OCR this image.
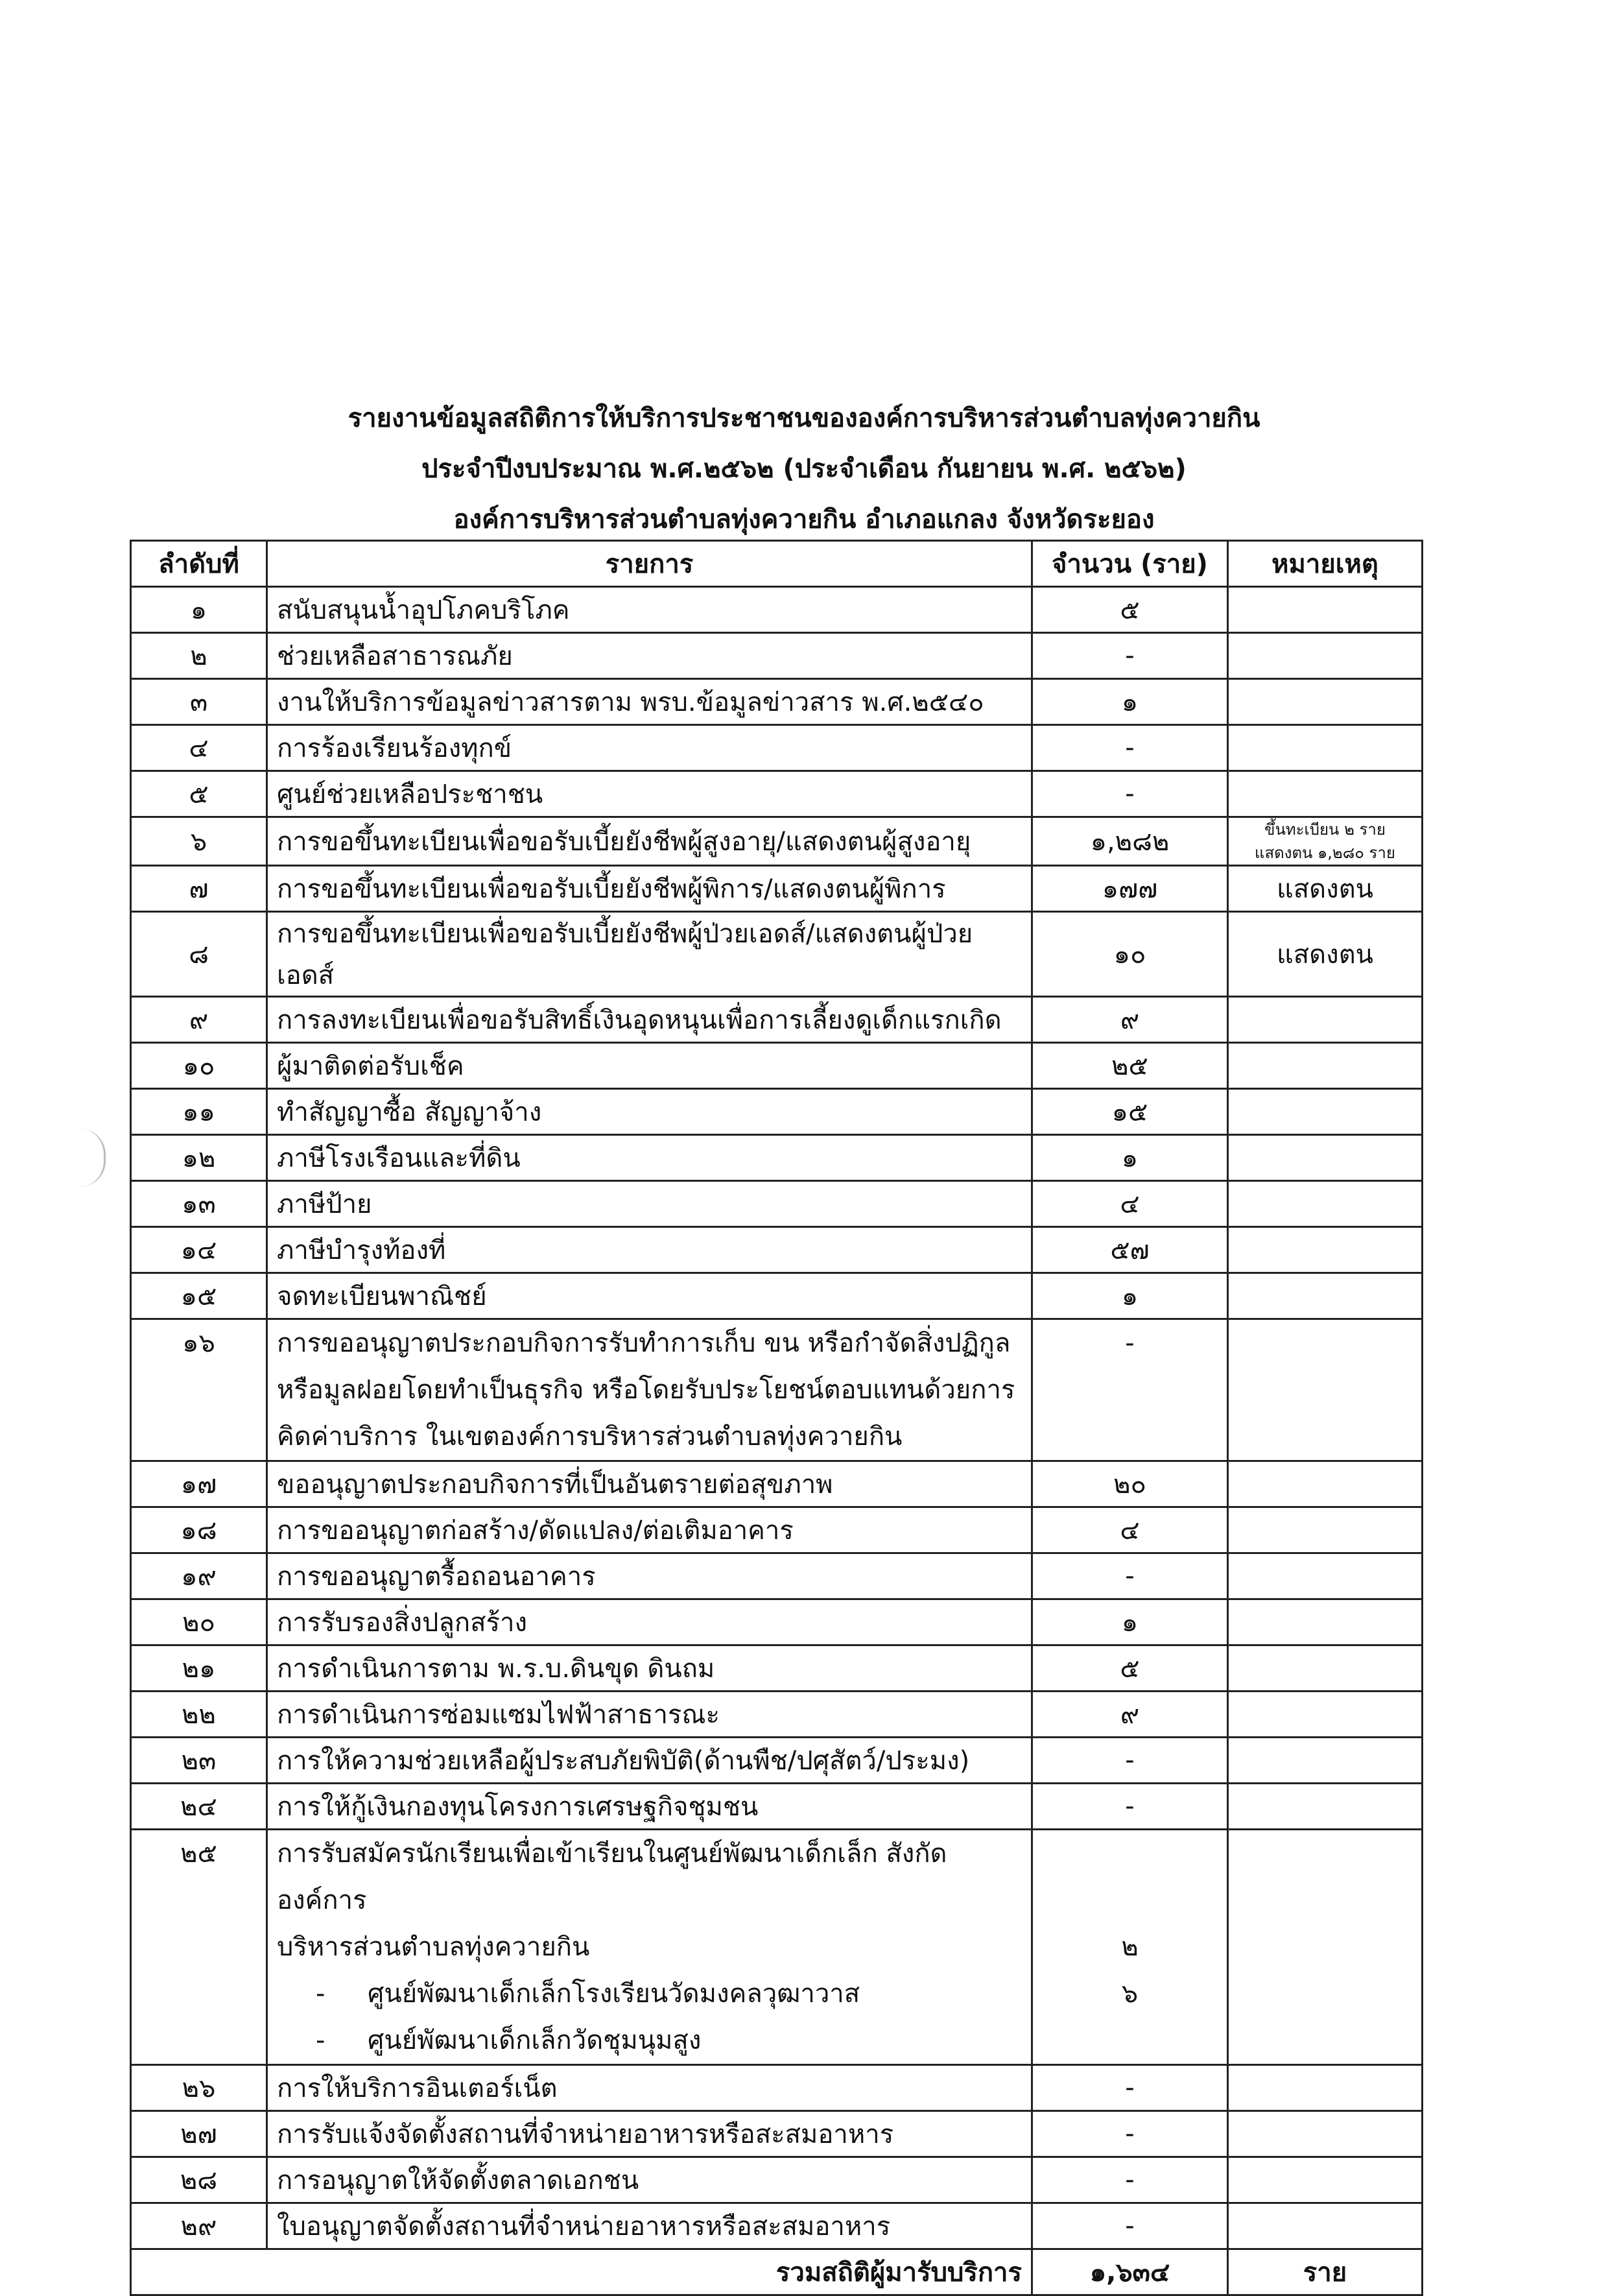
รายงานข้อมูลสถิติการให้บริการประชาชนขององค์การบริหารส่วนตำบลทุ่งควายกิน
ประจำปีงบประมาณ พ.ศ.๒๕๖๒ (ประจำเดือน กันยายน พ.ศ. ๒๕๖๒)
องค์การบริหารส่วนตำบลทุ่งควายกิน อำเภอแกลง จังหวัดระยอง
ลำดับที่	รายการ	จำนวน (ราย)	หมายเหตุ
๑	สนับสนุนน้ำอุปโภคบริโภค	๕	
๒	ช่วยเหลือสาธารณภัย	-	
๓	งานให้บริการข้อมูลข่าวสารตาม พรบ.ข้อมูลข่าวสาร พ.ศ.๒๕๔๐	๑	
๔	การร้องเรียนร้องทุกข์	-	
๕	ศูนย์ช่วยเหลือประชาชน	-	
๖	การขอขึ้นทะเบียนเพื่อขอรับเบี้ยยังชีพผู้สูงอายุ/แสดงตนผู้สูงอายุ	๑,๒๘๒	ขึ้นทะเบียน ๒ ราย
แสดงตน ๑,๒๘๐ ราย

๗	การขอขึ้นทะเบียนเพื่อขอรับเบี้ยยังชีพผู้พิการ/แสดงตนผู้พิการ	๑๗๗	แสดงตน
๘	การขอขึ้นทะเบียนเพื่อขอรับเบี้ยยังชีพผู้ป่วยเอดส์/แสดงตนผู้ป่วยเอดส์	๑๐	แสดงตน
๙	การลงทะเบียนเพื่อขอรับสิทธิ์เงินอุดหนุนเพื่อการเลี้ยงดูเด็กแรกเกิด	๙	
๑๐	ผู้มาติดต่อรับเช็ค	๒๕	
๑๑	ทำสัญญาซื้อ สัญญาจ้าง	๑๕	
๑๒	ภาษีโรงเรือนและที่ดิน	๑	
๑๓	ภาษีป้าย	๔	
๑๔	ภาษีบำรุงท้องที่	๕๗	
๑๕	จดทะเบียนพาณิชย์	๑	

๑๖	การขออนุญาตประกอบกิจการรับทำการเก็บ ขน หรือกำจัดสิ่งปฏิกูล
หรือมูลฝอยโดยทำเป็นธุรกิจ หรือโดยรับประโยชน์ตอบแทนด้วยการ
คิดค่าบริการ ในเขตองค์การบริหารส่วนตำบลทุ่งควายกิน	-	

๑๗	ขออนุญาตประกอบกิจการที่เป็นอันตรายต่อสุขภาพ	๒๐	
๑๘	การขออนุญาตก่อสร้าง/ดัดแปลง/ต่อเติมอาคาร	๔	
๑๙	การขออนุญาตรื้อถอนอาคาร	-	
๒๐	การรับรองสิ่งปลูกสร้าง	๑	
๒๑	การดำเนินการตาม พ.ร.บ.ดินขุด ดินถม	๕	
๒๒	การดำเนินการซ่อมแซมไฟฟ้าสาธารณะ	๙	
๒๓	การให้ความช่วยเหลือผู้ประสบภัยพิบัติ(ด้านพืช/ปศุสัตว์/ประมง)	-	
๒๔	การให้กู้เงินกองทุนโครงการเศรษฐกิจชุมชน	-	

๒๕	การรับสมัครนักเรียนเพื่อเข้าเรียนในศูนย์พัฒนาเด็กเล็ก สังกัด องค์การ
บริหารส่วนตำบลทุ่งควายกิน
- ศูนย์พัฒนาเด็กเล็กโรงเรียนวัดมงคลวุฒาวาส
- ศูนย์พัฒนาเด็กเล็กวัดชุมนุมสูง	๒
๖	

๒๖	การให้บริการอินเตอร์เน็ต	-	
๒๗	การรับแจ้งจัดตั้งสถานที่จำหน่ายอาหารหรือสะสมอาหาร	-	
๒๘	การอนุญาตให้จัดตั้งตลาดเอกชน	-	
๒๙	ใบอนุญาตจัดตั้งสถานที่จำหน่ายอาหารหรือสะสมอาหาร	-	
	รวมสถิติผู้มารับบริการ	๑,๖๓๔	ราย
